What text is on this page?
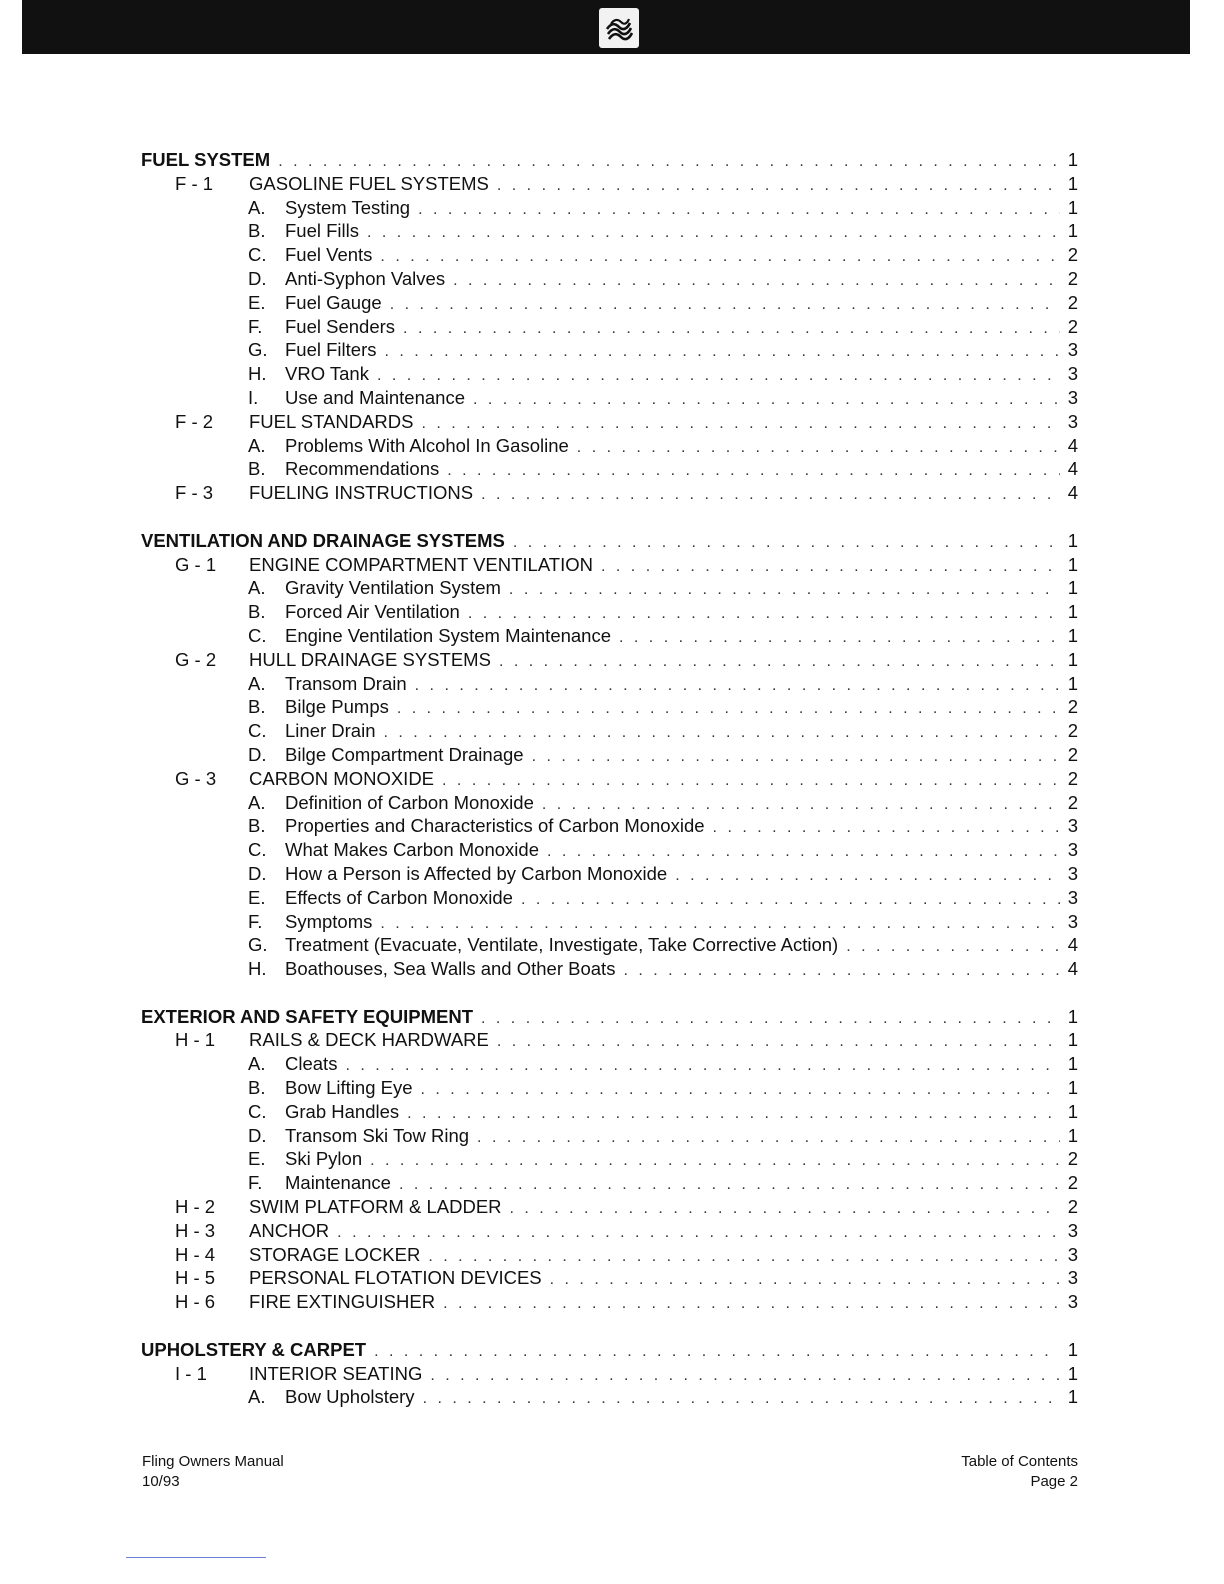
FUEL SYSTEM . . .	1
F - 1	GASOLINE FUEL SYSTEMS . . .	1
A.	System Testing . . .	1
B.	Fuel Fills . . .	1
C.	Fuel Vents . . .	2
D.	Anti-Syphon Valves . . .	2
E.	Fuel Gauge . . .	2
F.	Fuel Senders . . .	2
G. Fuel Filters . . .	3
H.	VRO Tank . . .	3
I.	Use and Maintenance . . .	3
F - 2	FUEL STANDARDS . . .	3
A.	Problems With Alcohol In Gasoline . . .	4
B.	Recommendations . . .	4
F - 3	FUELING INSTRUCTIONS . . .	4
VENTILATION AND DRAINAGE SYSTEMS . . .	1
G - 1	ENGINE COMPARTMENT VENTILATION . . .	1
A.	Gravity Ventilation System . . .	1
B.	Forced Air Ventilation . . .	1
C.	Engine Ventilation System Maintenance . . .	1
G - 2	HULL DRAINAGE SYSTEMS . . .	1
A.	Transom Drain . . .	1
B.	Bilge Pumps . . .	2
C.	Liner Drain . . .	2
D.	Bilge Compartment Drainage . . .	2
G - 3	CARBON MONOXIDE . . .	2
A.	Definition of Carbon Monoxide . . .	2
B.	Properties and Characteristics of Carbon Monoxide . . .	3
C.	What Makes Carbon Monoxide . . .	3
D.	How a Person is Affected by Carbon Monoxide . . .	3
E.	Effects of Carbon Monoxide . . .	3
F.	Symptoms . . .	3
G. Treatment (Evacuate, Ventilate, Investigate, Take Corrective Action) . . .	4
H.	Boathouses, Sea Walls and Other Boats . . .	4
EXTERIOR AND SAFETY EQUIPMENT . . .	1
H - 1	RAILS & DECK HARDWARE . . .	1
A.	Cleats . . .	1
B.	Bow Lifting Eye . . .	1
C.	Grab Handles . . .	1
D.	Transom Ski Tow Ring . . .	1
E.	Ski Pylon . . .	2
F.	Maintenance . . .	2
H - 2	SWIM PLATFORM & LADDER . . .	2
H - 3	ANCHOR . . .	3
H - 4	STORAGE LOCKER . . .	3
H - 5	PERSONAL FLOTATION DEVICES . . .	3
H - 6	FIRE EXTINGUISHER . . .	3
UPHOLSTERY & CARPET . . .	1
I - 1	INTERIOR SEATING . . .	1
A.	Bow Upholstery . . .	1
Fling Owners Manual
10/93
Table of Contents
Page 2
